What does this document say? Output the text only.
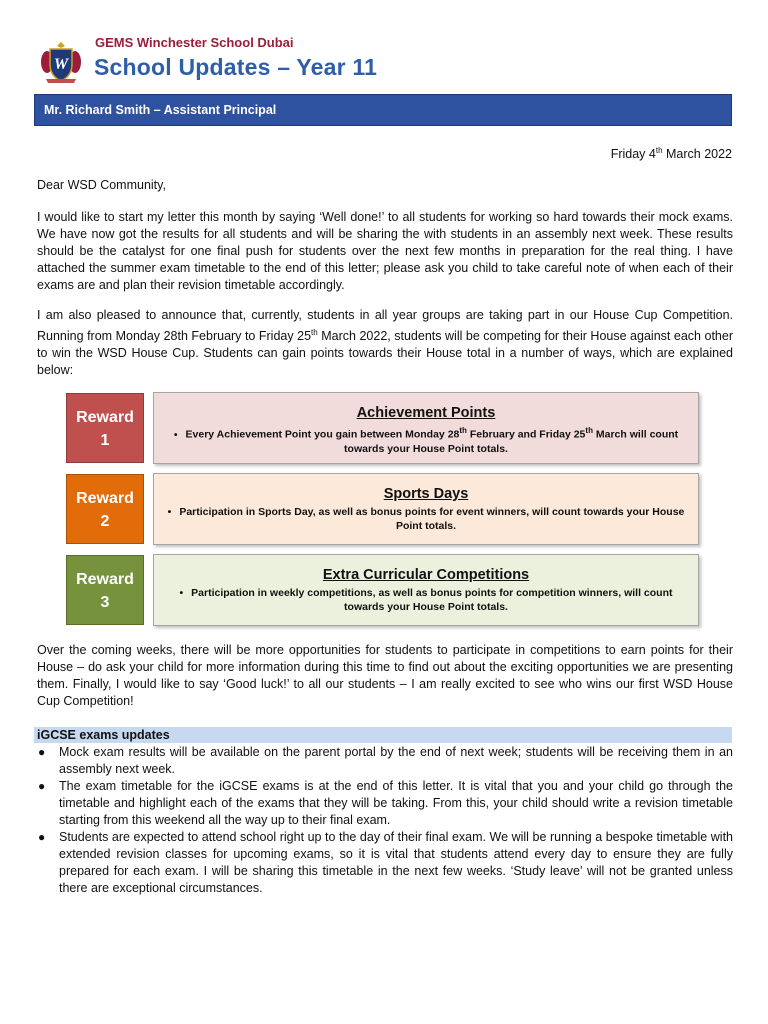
W
GEMS Winchester School Dubai
School Updates – Year 11
Mr. Richard Smith – Assistant Principal
Friday 4th March 2022
Dear WSD Community,
I would like to start my letter this month by saying ‘Well done!’ to all students for working so hard towards their mock exams. We have now got the results for all students and will be sharing the with students in an assembly next week. These results should be the catalyst for one final push for students over the next few months in preparation for the real thing. I have attached the summer exam timetable to the end of this letter; please ask you child to take careful note of when each of their exams are and plan their revision timetable accordingly.
I am also pleased to announce that, currently, students in all year groups are taking part in our House Cup Competition. Running from Monday 28th February to Friday 25th March 2022, students will be competing for their House against each other to win the WSD House Cup. Students can gain points towards their House total in a number of ways, which are explained below:
Reward
1
Achievement Points
• Every Achievement Point you gain between Monday 28th February and Friday 25th March will count towards your House Point totals.
Reward
2
Sports Days
• Participation in Sports Day, as well as bonus points for event winners, will count towards your House Point totals.
Reward
3
Extra Curricular Competitions
• Participation in weekly competitions, as well as bonus points for competition winners, will count towards your House Point totals.
Over the coming weeks, there will be more opportunities for students to participate in competitions to earn points for their House – do ask your child for more information during this time to find out about the exciting opportunities we are presenting them. Finally, I would like to say ‘Good luck!’ to all our students – I am really excited to see who wins our first WSD House Cup Competition!
iGCSE exams updates
● Mock exam results will be available on the parent portal by the end of next week; students will be receiving them in an assembly next week.
● The exam timetable for the iGCSE exams is at the end of this letter. It is vital that you and your child go through the timetable and highlight each of the exams that they will be taking. From this, your child should write a revision timetable starting from this weekend all the way up to their final exam.
● Students are expected to attend school right up to the day of their final exam. We will be running a bespoke timetable with extended revision classes for upcoming exams, so it is vital that students attend every day to ensure they are fully prepared for each exam. I will be sharing this timetable in the next few weeks. ‘Study leave’ will not be granted unless there are exceptional circumstances.
